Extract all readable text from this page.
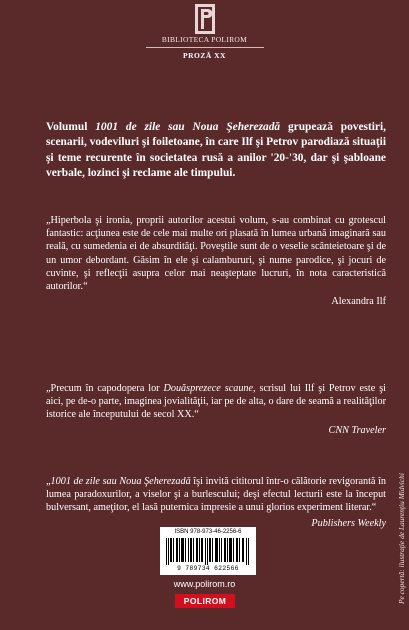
BIBLIOTECA POLIROM
PROZĂ XX
Volumul 1001 de zile sau Noua Şeherezadă grupează povestiri, scenarii, vodeviluri şi foiletoane, în care Ilf şi Petrov parodiază situaţii şi teme recurente în societatea rusă a anilor '20-'30, dar şi şabloane verbale, lozinci şi reclame ale timpului.
„Hiperbola şi ironia, proprii autorilor acestui volum, s-au combinat cu grotescul fantastic: acţiunea este de cele mai multe ori plasată în lumea urbană imaginară sau reală, cu sumedenia ei de absurdităţi. Poveştile sunt de o veselie scânteietoare şi de un umor debordant. Găsim în ele şi calambururi, şi nume parodice, şi jocuri de cuvinte, şi reflecţii asupra celor mai neaşteptate lucruri, în nota caracteristică autorilor.“
Alexandra Ilf
„Precum în capodopera lor Douăsprezece scaune, scrisul lui Ilf şi Petrov este şi aici, pe de-o parte, imaginea jovialităţii, iar pe de alta, o dare de seamă a realităţilor istorice ale începutului de secol XX.“
CNN Traveler
„1001 de zile sau Noua Şeherezadă îşi invită cititorul într-o călătorie revigorantă în lumea paradoxurilor, a viselor şi a burlescului; deşi efectul lecturii este la început bulversant, ameţitor, el lasă puternica impresie a unui glorios experiment literar.“
Publishers Weekly
ISBN 978-973-46-2256-6
9 789734 622566
www.polirom.ro
POLIROM	Pe copertă: ilustraţie de Laurenţiu Midvichi
